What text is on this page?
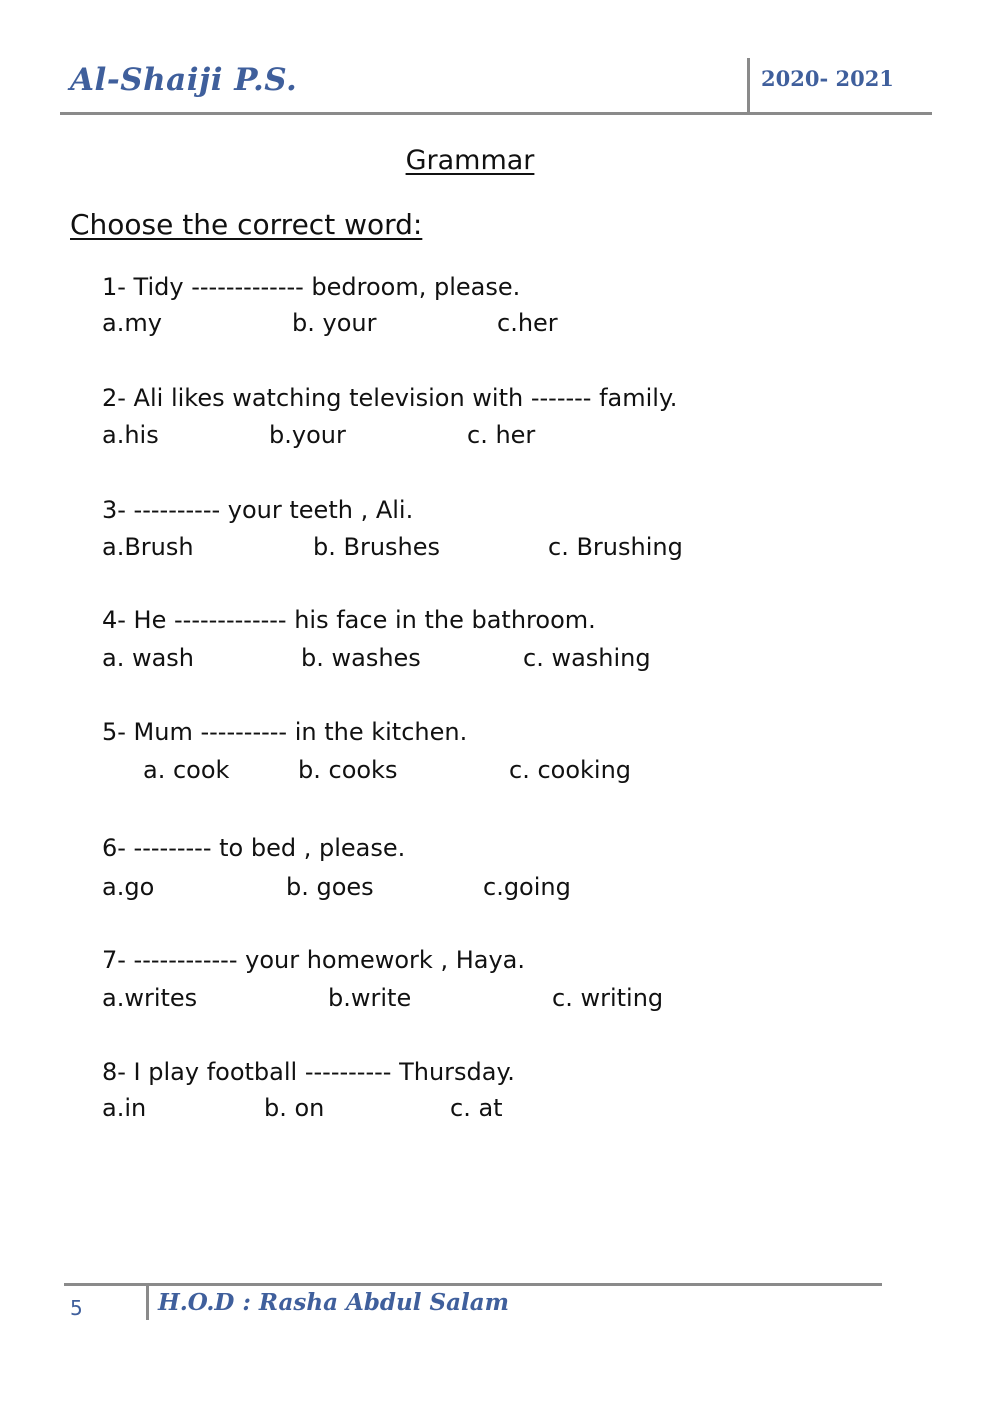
Al-Shaiji P.S.	2020- 2021
Grammar
Choose the correct word:
1- Tidy ------------- bedroom, please.
a.my	b. your	c.her
2- Ali likes watching television with ------- family.
a.his	b.your	c. her
3- ---------- your teeth , Ali.
a.Brush	b. Brushes	c. Brushing
4- He ------------- his face in the bathroom.
a. wash	b. washes	c. washing
5- Mum ---------- in the kitchen.
a. cook	b. cooks	c. cooking
6- --------- to bed , please.
a.go	b. goes	c.going
7- ------------ your homework , Haya.
a.writes	b.write	c. writing
8- I play football ---------- Thursday.
a.in	b. on	c. at
5	H.O.D : Rasha Abdul Salam
